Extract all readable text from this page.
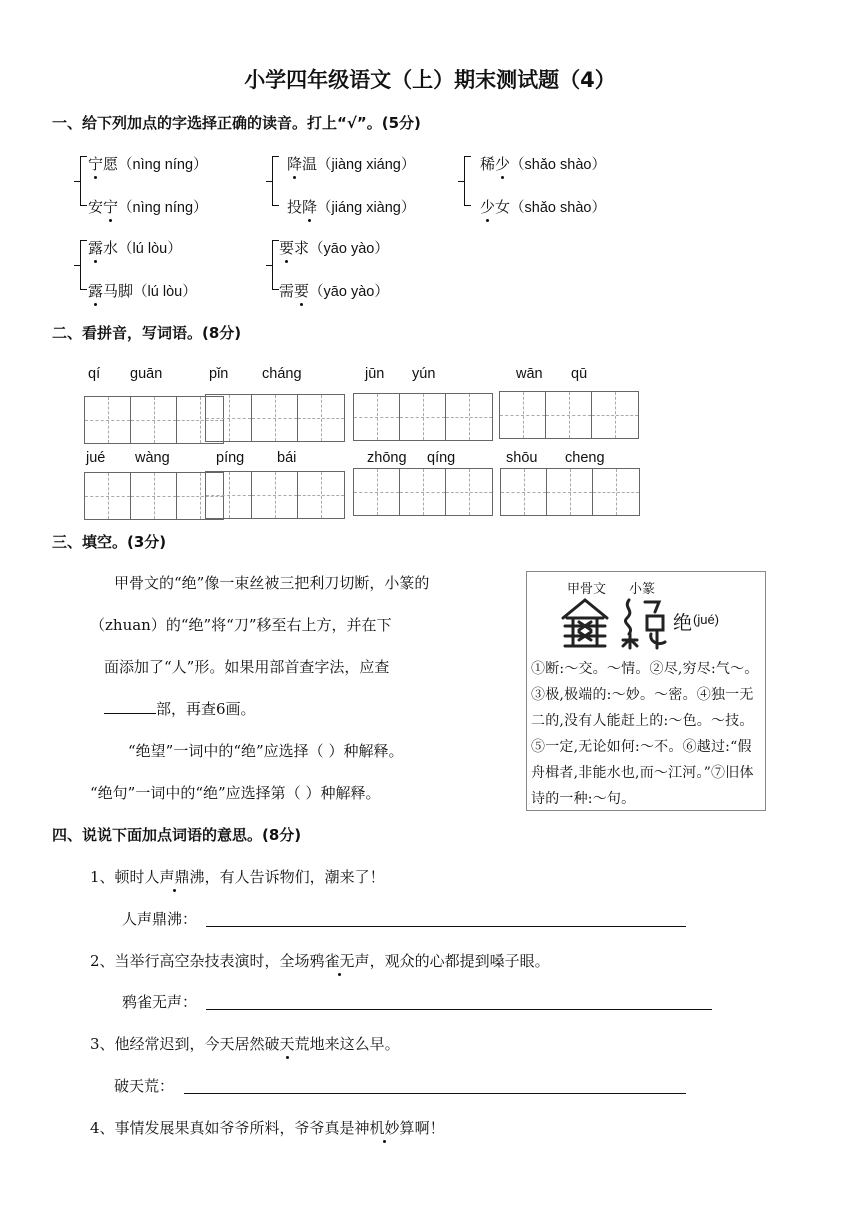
小学四年级语文（上）期末测试题（4）
一、给下列加点的字选择正确的读音。打上“√”。(5分)
宁愿（nìng níng）
安宁（nìng níng）
降温（jiàng xiáng）
投降（jiáng xiàng）
稀少（shǎo shào）
少女（shǎo shào）
露水（lú lòu）
露马脚（lú lòu）
要求（yāo yào）
需要（yāo yào）
二、看拼音，写词语。(8分)
qí guān	pǐn cháng	jūn yún	wān qū
jué wàng	píng bái	zhōng qíng	shōu cheng
三、填空。(3分)
甲骨文的“绝”像一束丝被三把利刀切断，小篆的
（zhuan）的“绝”将“刀”移至右上方，并在下
面添加了“人”形。如果用部首查字法，应查
部，再查6画。
“绝望”一词中的“绝”应选择（ ）种解释。
“绝句”一词中的“绝”应选择第（ ）种解释。
甲骨文 小篆
绝 (jué)
①断:～交。～情。②尽,穷尽:气～。③极,极端的:～妙。～密。④独一无二的,没有人能赶上的:～色。～技。⑤一定,无论如何:～不。⑥越过:“假舟楫者,非能水也,而～江河。”⑦旧体诗的一种:～句。
四、说说下面加点词语的意思。(8分)
1、顿时人声鼎沸，有人告诉物们，潮来了！
人声鼎沸：
2、当举行高空杂技表演时，全场鸦雀无声，观众的心都提到嗓子眼。
鸦雀无声：
3、他经常迟到，今天居然破天荒地来这么早。
破天荒：
4、事情发展果真如爷爷所料，爷爷真是神机妙算啊！
